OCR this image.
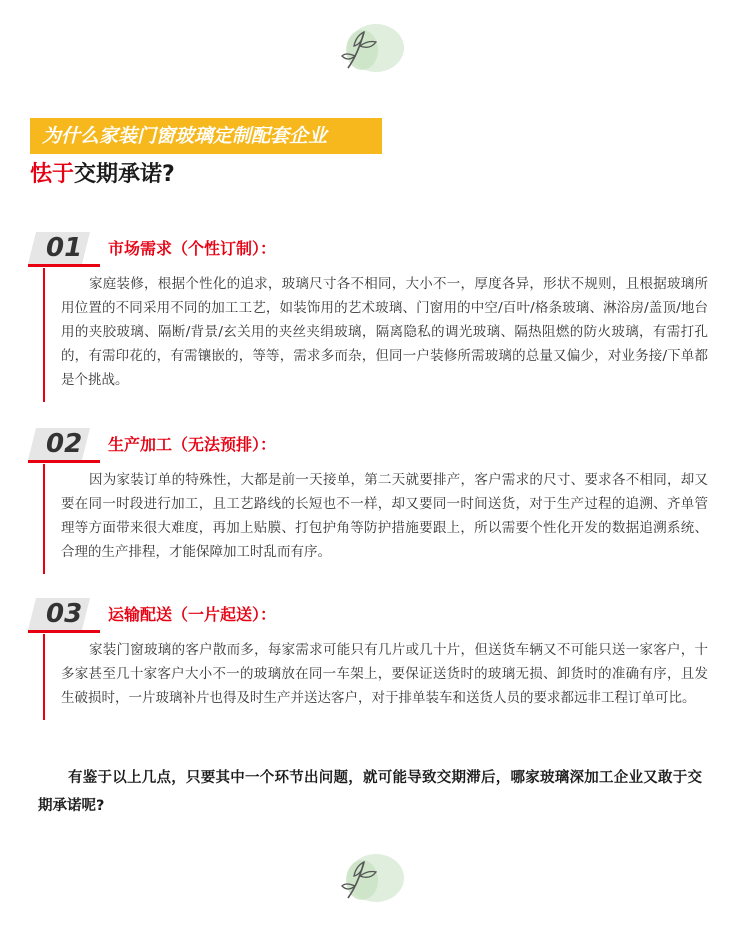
为什么家装门窗玻璃定制配套企业
怯于交期承诺?
01 市场需求（个性订制）：

家庭装修，根据个性化的追求，玻璃尺寸各不相同，大小不一，厚度各异，形状不规则，且根据玻璃所用位置的不同采用不同的加工工艺，如装饰用的艺术玻璃、门窗用的中空/百叶/格条玻璃、淋浴房/盖顶/地台用的夹胶玻璃、隔断/背景/玄关用的夹丝夹绢玻璃，隔离隐私的调光玻璃、隔热阻燃的防火玻璃，有需打孔的，有需印花的，有需镶嵌的，等等，需求多而杂，但同一户装修所需玻璃的总量又偏少，对业务接/下单都是个挑战。

02 生产加工（无法预排）：

因为家装订单的特殊性，大都是前一天接单，第二天就要排产，客户需求的尺寸、要求各不相同，却又要在同一时段进行加工，且工艺路线的长短也不一样，却又要同一时间送货，对于生产过程的追溯、齐单管理等方面带来很大难度，再加上贴膜、打包护角等防护措施要跟上，所以需要个性化开发的数据追溯系统、合理的生产排程，才能保障加工时乱而有序。

03 运输配送（一片起送）：

家装门窗玻璃的客户散而多，每家需求可能只有几片或几十片，但送货车辆又不可能只送一家客户，十多家甚至几十家客户大小不一的玻璃放在同一车架上，要保证送货时的玻璃无损、卸货时的准确有序，且发生破损时，一片玻璃补片也得及时生产并送达客户，对于排单装车和送货人员的要求都远非工程订单可比。

有鉴于以上几点，只要其中一个环节出问题，就可能导致交期滞后，哪家玻璃深加工企业又敢于交期承诺呢?
